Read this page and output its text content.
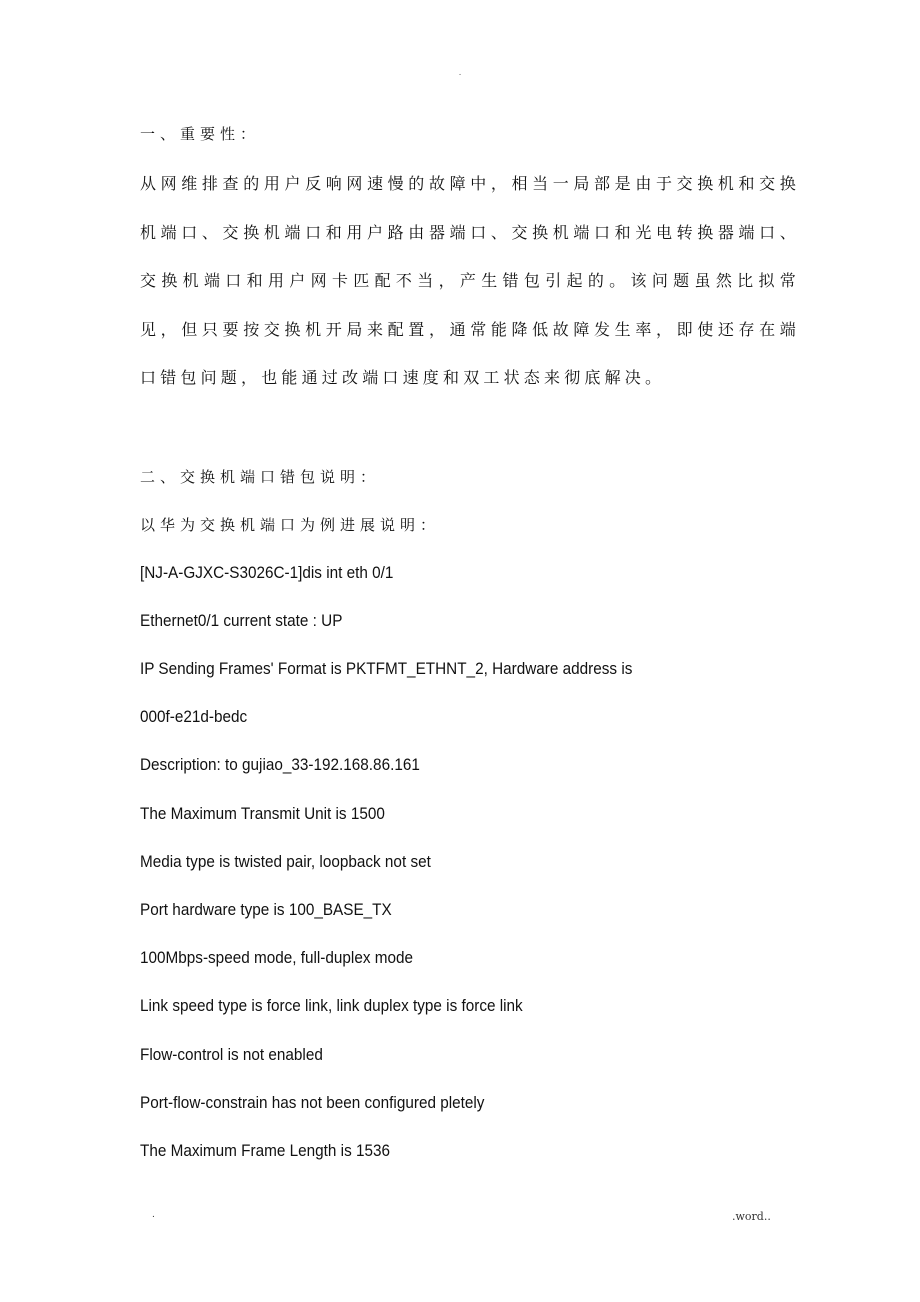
.
一、重要性：

从网维排查的用户反响网速慢的故障中，相当一局部是由于交换机和交换机端口、交换机端口和用户路由器端口、交换机端口和光电转换器端口、交换机端口和用户网卡匹配不当，产生错包引起的。该问题虽然比拟常见，但只要按交换机开局来配置，通常能降低故障发生率，即使还存在端口错包问题，也能通过改端口速度和双工状态来彻底解决。

二、交换机端口错包说明：

以华为交换机端口为例进展说明：

[NJ-A-GJXC-S3026C-1]dis int eth 0/1

Ethernet0/1 current state : UP

IP Sending Frames' Format is PKTFMT_ETHNT_2, Hardware address is

000f-e21d-bedc

Description: to gujiao_33-192.168.86.161

The Maximum Transmit Unit is 1500

Media type is twisted pair, loopback not set

Port hardware type is 100_BASE_TX

100Mbps-speed mode, full-duplex mode

Link speed type is force link, link duplex type is force link

Flow-control is not enabled

Port-flow-constrain has not been configured pletely

The Maximum Frame Length is 1536

.	.word..
